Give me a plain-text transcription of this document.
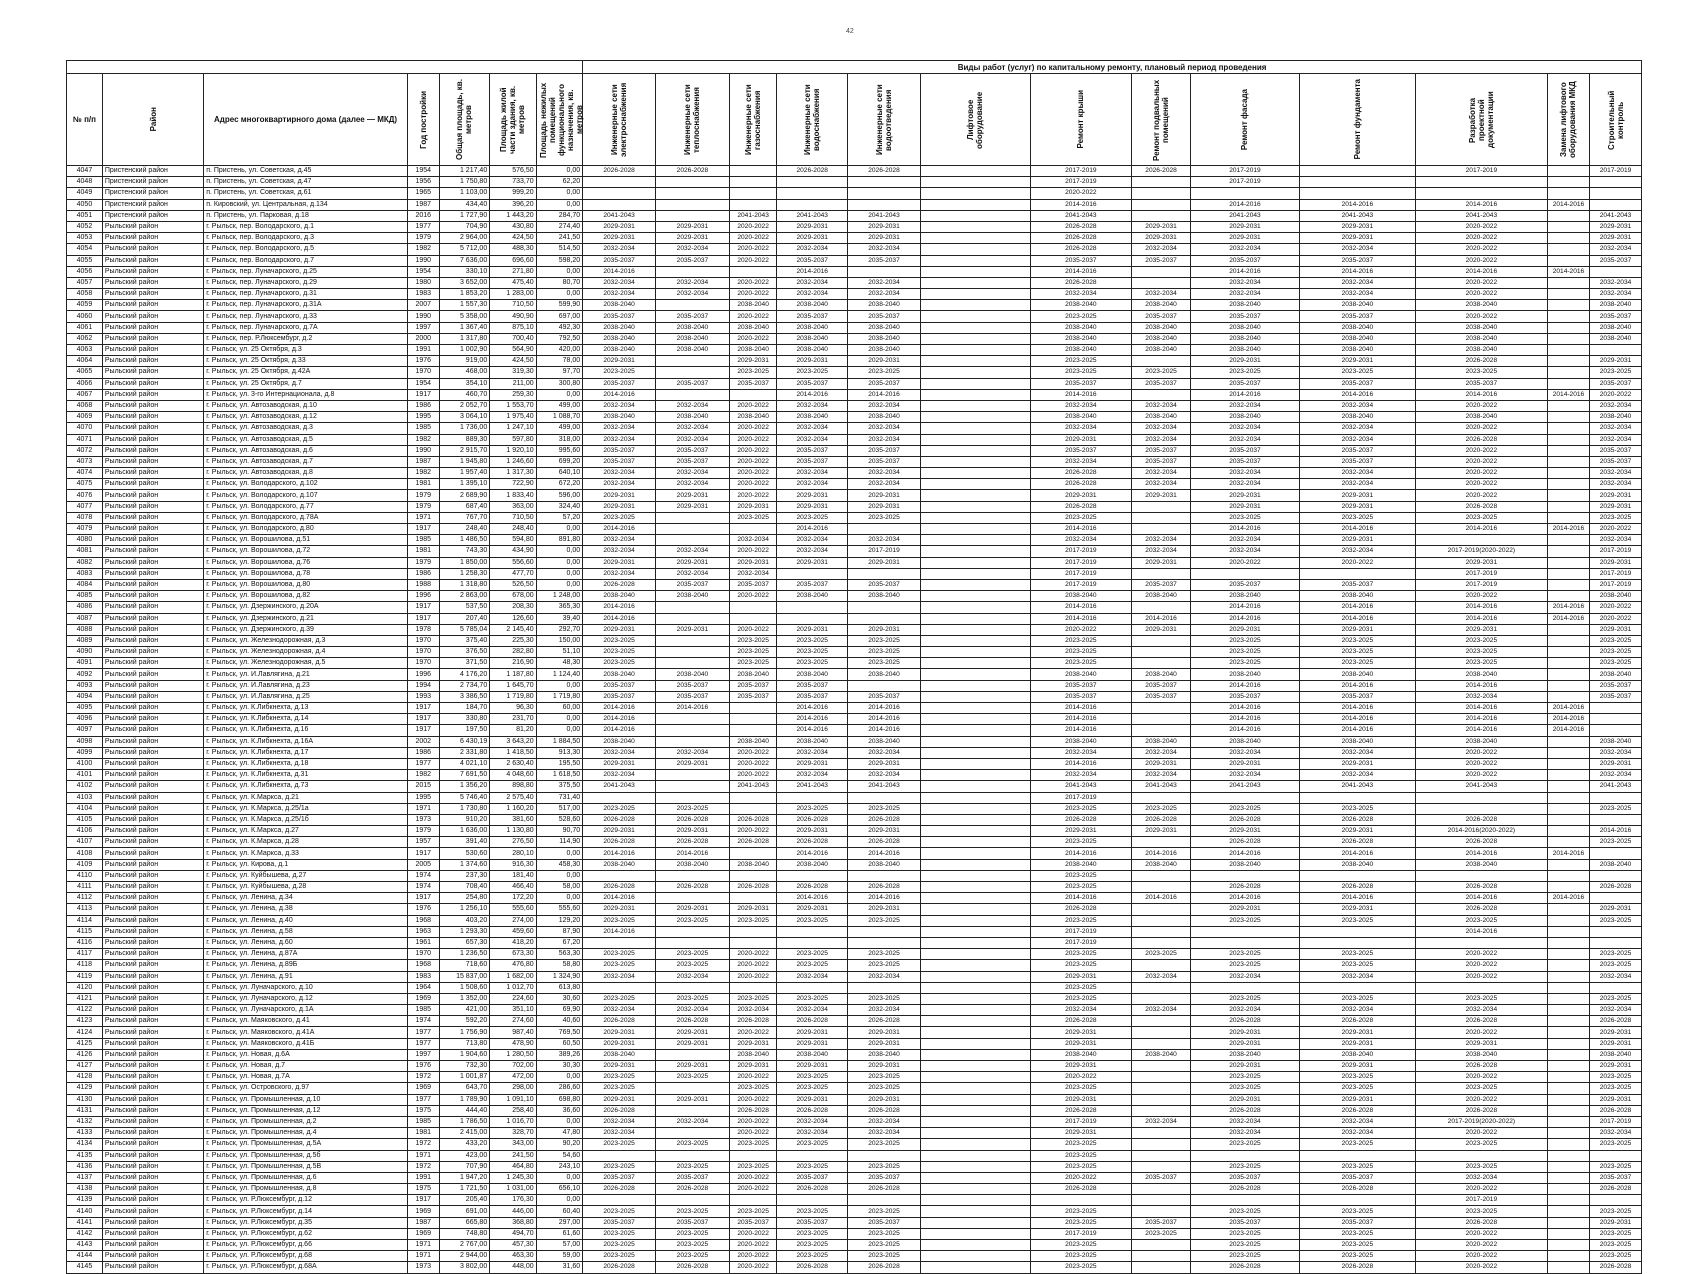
42
							Виды работ (услуг) по капитальному ремонту, плановый период проведения												
№ п/п	Район	Адрес многоквартирного дома (далее — МКД)	Год постройки	Общая площадь, кв. метров	Площадь жилой части здания, кв. метров	Площадь нежилых помещений функционального назначения, кв. метров	Инженерные сети электроснабжения	Инженерные сети теплоснабжения	Инженерные сети газоснабжения	Инженерные сети водоснабжения	Инженерные сети водоотведения	Лифтовое оборудование	Ремонт крыши	Ремонт подвальных помещений	Ремонт фасада	Ремонт фундамента	Разработка проектной документации	Замена лифтового оборудования МКД	Строительный контроль

4047	Пристенский район	п. Пристень, ул. Советская, д.45	1954	1 217,40	576,50	0,00	2026-2028	2026-2028		2026-2028	2026-2028		2017-2019	2026-2028	2017-2019		2017-2019		2017-2019
4048	Пристенский район	п. Пристень, ул. Советская, д.47	1956	1 750,80	733,70	62,20							2017-2019		2017-2019				
4049	Пристенский район	п. Пристень, ул. Советская, д.61	1965	1 103,00	999,20	0,00							2020-2022						
4050	Пристенский район	п. Кировский, ул. Центральная, д.134	1987	434,40	396,20	0,00							2014-2016		2014-2016	2014-2016	2014-2016	2014-2016	
4051	Пристенский район	п. Пристень, ул. Парковая, д.18	2016	1 727,90	1 443,20	284,70	2041-2043		2041-2043	2041-2043	2041-2043		2041-2043		2041-2043	2041-2043	2041-2043		2041-2043
4052	Рыльский район	г. Рыльск, пер. Володарского, д.1	1977	704,90	430,80	274,40	2029-2031	2029-2031	2020-2022	2029-2031	2029-2031		2026-2028	2029-2031	2029-2031	2029-2031	2020-2022		2029-2031
4053	Рыльский район	г. Рыльск, пер. Володарского, д.3	1979	2 964,00	424,50	241,50	2029-2031	2029-2031	2020-2022	2029-2031	2029-2031		2026-2028	2029-2031	2029-2031	2029-2031	2020-2022		2029-2031
4054	Рыльский район	г. Рыльск, пер. Володарского, д.5	1982	5 712,00	488,30	514,50	2032-2034	2032-2034	2020-2022	2032-2034	2032-2034		2026-2028	2032-2034	2032-2034	2032-2034	2020-2022		2032-2034
4055	Рыльский район	г. Рыльск, пер. Володарского, д.7	1990	7 636,00	696,60	598,20	2035-2037	2035-2037	2020-2022	2035-2037	2035-2037		2035-2037	2035-2037	2035-2037	2035-2037	2020-2022		2035-2037
4056	Рыльский район	г. Рыльск, пер. Луначарского, д.25	1954	330,10	271,80	0,00	2014-2016			2014-2016			2014-2016		2014-2016	2014-2016	2014-2016	2014-2016	
4057	Рыльский район	г. Рыльск, пер. Луначарского, д.29	1980	3 652,00	475,40	80,70	2032-2034	2032-2034	2020-2022	2032-2034	2032-2034		2026-2028		2032-2034	2032-2034	2020-2022		2032-2034
4058	Рыльский район	г. Рыльск, пер. Луначарского, д.31	1983	1 853,20	1 283,00	0,00	2032-2034	2032-2034	2020-2022	2032-2034	2032-2034		2032-2034	2032-2034	2032-2034	2032-2034	2020-2022		2032-2034
4059	Рыльский район	г. Рыльск, пер. Луначарского, д.31А	2007	1 557,30	710,50	599,90	2038-2040		2038-2040	2038-2040	2038-2040		2038-2040	2038-2040	2038-2040	2038-2040	2038-2040		2038-2040
4060	Рыльский район	г. Рыльск, пер. Луначарского, д.33	1990	5 358,00	490,90	697,00	2035-2037	2035-2037	2020-2022	2035-2037	2035-2037		2023-2025	2035-2037	2035-2037	2035-2037	2020-2022		2035-2037
4061	Рыльский район	г. Рыльск, пер. Луначарского, д.7А	1997	1 367,40	875,10	492,30	2038-2040	2038-2040	2038-2040	2038-2040	2038-2040		2038-2040	2038-2040	2038-2040	2038-2040	2038-2040		2038-2040
4062	Рыльский район	г. Рыльск, пер. Р.Люксембург, д.2	2000	1 317,80	700,40	792,50	2038-2040	2038-2040	2020-2022	2038-2040	2038-2040		2038-2040	2038-2040	2038-2040	2038-2040	2038-2040		2038-2040
4063	Рыльский район	г. Рыльск, ул. 25 Октября, д.3	1991	1 002,90	564,90	420,00	2038-2040	2038-2040	2038-2040	2038-2040	2038-2040		2038-2040	2038-2040	2038-2040	2038-2040	2038-2040		
4064	Рыльский район	г. Рыльск, ул. 25 Октября, д.33	1976	919,00	424,50	78,00	2029-2031		2029-2031	2029-2031	2029-2031		2023-2025		2029-2031	2029-2031	2026-2028		2029-2031
4065	Рыльский район	г. Рыльск, ул. 25 Октября, д.42А	1970	468,00	319,30	97,70	2023-2025		2023-2025	2023-2025	2023-2025		2023-2025	2023-2025	2023-2025	2023-2025	2023-2025		2023-2025
4066	Рыльский район	г. Рыльск, ул. 25 Октября, д.7	1954	354,10	211,00	300,80	2035-2037	2035-2037	2035-2037	2035-2037	2035-2037		2035-2037	2035-2037	2035-2037	2035-2037	2035-2037		2035-2037
4067	Рыльский район	г. Рыльск, ул. 3-го Интернационала, д.8	1917	460,70	259,30	0,00	2014-2016			2014-2016	2014-2016		2014-2016		2014-2016	2014-2016	2014-2016	2014-2016	2020-2022
4068	Рыльский район	г. Рыльск, ул. Автозаводская, д.10	1986	2 052,70	1 553,70	499,00	2032-2034	2032-2034	2020-2022	2032-2034	2032-2034		2032-2034	2032-2034	2032-2034	2032-2034	2020-2022		2032-2034
4069	Рыльский район	г. Рыльск, ул. Автозаводская, д.12	1995	3 064,10	1 975,40	1 088,70	2038-2040	2038-2040	2038-2040	2038-2040	2038-2040		2038-2040	2038-2040	2038-2040	2038-2040	2038-2040		2038-2040
4070	Рыльский район	г. Рыльск, ул. Автозаводская, д.3	1985	1 736,00	1 247,10	499,00	2032-2034	2032-2034	2020-2022	2032-2034	2032-2034		2032-2034	2032-2034	2032-2034	2032-2034	2020-2022		2032-2034
4071	Рыльский район	г. Рыльск, ул. Автозаводская, д.5	1982	889,30	597,80	318,00	2032-2034	2032-2034	2020-2022	2032-2034	2032-2034		2029-2031	2032-2034	2032-2034	2032-2034	2026-2028		2032-2034
4072	Рыльский район	г. Рыльск, ул. Автозаводская, д.6	1990	2 915,70	1 920,10	995,60	2035-2037	2035-2037	2020-2022	2035-2037	2035-2037		2035-2037	2035-2037	2035-2037	2035-2037	2020-2022		2035-2037
4073	Рыльский район	г. Рыльск, ул. Автозаводская, д.7	1987	1 945,80	1 246,60	699,20	2035-2037	2035-2037	2020-2022	2035-2037	2035-2037		2032-2034	2035-2037	2035-2037	2035-2037	2020-2022		2035-2037
4074	Рыльский район	г. Рыльск, ул. Автозаводская, д.8	1982	1 957,40	1 317,30	640,10	2032-2034	2032-2034	2020-2022	2032-2034	2032-2034		2026-2028	2032-2034	2032-2034	2032-2034	2020-2022		2032-2034
4075	Рыльский район	г. Рыльск, ул. Володарского, д.102	1981	1 395,10	722,90	672,20	2032-2034	2032-2034	2020-2022	2032-2034	2032-2034		2026-2028	2032-2034	2032-2034	2032-2034	2020-2022		2032-2034
4076	Рыльский район	г. Рыльск, ул. Володарского, д.107	1979	2 689,90	1 833,40	596,00	2029-2031	2029-2031	2020-2022	2029-2031	2029-2031		2029-2031	2029-2031	2029-2031	2029-2031	2020-2022		2029-2031
4077	Рыльский район	г. Рыльск, ул. Володарского, д.77	1979	687,40	363,00	324,40	2029-2031	2029-2031	2029-2031	2029-2031	2029-2031		2026-2028		2029-2031	2029-2031	2026-2028		2029-2031
4078	Рыльский район	г. Рыльск, ул. Володарского, д.78А	1971	767,70	710,50	57,20	2023-2025		2023-2025	2023-2025	2023-2025		2023-2025		2023-2025	2023-2025	2023-2025		2023-2025
4079	Рыльский район	г. Рыльск, ул. Володарского, д.80	1917	248,40	248,40	0,00	2014-2016			2014-2016			2014-2016		2014-2016	2014-2016	2014-2016	2014-2016	2020-2022
4080	Рыльский район	г. Рыльск, ул. Ворошилова, д.51	1985	1 486,50	594,80	891,80	2032-2034		2032-2034	2032-2034	2032-2034		2032-2034	2032-2034	2032-2034	2029-2031			2032-2034
4081	Рыльский район	г. Рыльск, ул. Ворошилова, д.72	1981	743,30	434,90	0,00	2032-2034	2032-2034	2020-2022	2032-2034	2017-2019		2017-2019	2032-2034	2032-2034	2032-2034	2017-2019(2020-2022)		2017-2019
4082	Рыльский район	г. Рыльск, ул. Ворошилова, д.76	1979	1 850,00	556,60	0,00	2029-2031	2029-2031	2029-2031	2029-2031	2029-2031		2017-2019	2029-2031	2020-2022	2020-2022	2029-2031		2029-2031
4083	Рыльский район	г. Рыльск, ул. Ворошилова, д.78	1986	1 258,30	477,70	0,00	2032-2034	2032-2034	2032-2034				2017-2019				2017-2019		2017-2019
4084	Рыльский район	г. Рыльск, ул. Ворошилова, д.80	1988	1 318,80	526,50	0,00	2026-2028	2035-2037	2035-2037	2035-2037	2035-2037		2017-2019	2035-2037	2035-2037	2035-2037	2017-2019		2017-2019
4085	Рыльский район	г. Рыльск, ул. Ворошилова, д.82	1996	2 863,00	678,00	1 248,00	2038-2040	2038-2040	2020-2022	2038-2040	2038-2040		2038-2040	2038-2040	2038-2040	2038-2040	2020-2022		2038-2040
4086	Рыльский район	г. Рыльск, ул. Дзержинского, д.20А	1917	537,50	208,30	365,30	2014-2016						2014-2016		2014-2016	2014-2016	2014-2016	2014-2016	2020-2022
4087	Рыльский район	г. Рыльск, ул. Дзержинского, д.21	1917	207,40	126,60	39,40	2014-2016						2014-2016	2014-2016	2014-2016	2014-2016	2014-2016	2014-2016	2020-2022
4088	Рыльский район	г. Рыльск, ул. Дзержинского, д.39	1978	5 785,04	2 145,40	292,70	2029-2031	2029-2031	2020-2022	2029-2031	2029-2031		2020-2022	2029-2031	2029-2031	2029-2031	2029-2031		2029-2031
4089	Рыльский район	г. Рыльск, ул. Железнодорожная, д.3	1970	375,40	225,30	150,00	2023-2025		2023-2025	2023-2025	2023-2025		2023-2025		2023-2025	2023-2025	2023-2025		2023-2025
4090	Рыльский район	г. Рыльск, ул. Железнодорожная, д.4	1970	376,50	282,80	51,10	2023-2025		2023-2025	2023-2025	2023-2025		2023-2025		2023-2025	2023-2025	2023-2025		2023-2025
4091	Рыльский район	г. Рыльск, ул. Железнодорожная, д.5	1970	371,50	216,90	48,30	2023-2025		2023-2025	2023-2025	2023-2025		2023-2025		2023-2025	2023-2025	2023-2025		2023-2025
4092	Рыльский район	г. Рыльск, ул. И.Лавлягина, д.21	1996	4 176,20	1 187,80	1 124,40	2038-2040	2038-2040	2038-2040	2038-2040	2038-2040		2038-2040	2038-2040	2038-2040	2038-2040	2038-2040		2038-2040
4093	Рыльский район	г. Рыльск, ул. И.Лавлягина, д.23	1994	2 734,70	1 645,70	0,00	2035-2037	2035-2037	2035-2037	2035-2037			2035-2037	2035-2037	2014-2016	2014-2016	2014-2016		2035-2037
4094	Рыльский район	г. Рыльск, ул. И.Лавлягина, д.25	1993	3 386,50	1 719,80	1 719,80	2035-2037	2035-2037	2035-2037	2035-2037	2035-2037		2035-2037	2035-2037	2035-2037	2035-2037	2032-2034		2035-2037
4095	Рыльский район	г. Рыльск, ул. К.Либкнехта, д.13	1917	184,70	96,30	60,00	2014-2016	2014-2016		2014-2016	2014-2016		2014-2016		2014-2016	2014-2016	2014-2016	2014-2016	
4096	Рыльский район	г. Рыльск, ул. К.Либкнехта, д.14	1917	330,80	231,70	0,00	2014-2016			2014-2016	2014-2016		2014-2016		2014-2016	2014-2016	2014-2016	2014-2016	
4097	Рыльский район	г. Рыльск, ул. К.Либкнехта, д.16	1917	197,50	81,20	0,00	2014-2016			2014-2016	2014-2016		2014-2016		2014-2016	2014-2016	2014-2016	2014-2016	
4098	Рыльский район	г. Рыльск, ул. К.Либкнехта, д.16А	2002	6 430,19	3 643,20	1 884,50	2038-2040		2038-2040	2038-2040	2038-2040		2038-2040	2038-2040	2038-2040	2038-2040	2038-2040		2038-2040
4099	Рыльский район	г. Рыльск, ул. К.Либкнехта, д.17	1986	2 331,80	1 418,50	913,30	2032-2034	2032-2034	2020-2022	2032-2034	2032-2034		2032-2034	2032-2034	2032-2034	2032-2034	2020-2022		2032-2034
4100	Рыльский район	г. Рыльск, ул. К.Либкнехта, д.18	1977	4 021,10	2 630,40	195,50	2029-2031	2029-2031	2020-2022	2029-2031	2029-2031		2014-2016	2029-2031	2029-2031	2029-2031	2020-2022		2029-2031
4101	Рыльский район	г. Рыльск, ул. К.Либкнехта, д.31	1982	7 691,50	4 048,60	1 618,50	2032-2034		2020-2022	2032-2034	2032-2034		2032-2034	2032-2034	2032-2034	2032-2034	2020-2022		2032-2034
4102	Рыльский район	г. Рыльск, ул. К.Либкнехта, д.73	2015	1 356,20	898,80	375,50	2041-2043		2041-2043	2041-2043	2041-2043		2041-2043	2041-2043	2041-2043	2041-2043	2041-2043		2041-2043
4103	Рыльский район	г. Рыльск, ул. К.Маркса, д.21	1995	5 746,40	2 575,40	731,40							2017-2019						
4104	Рыльский район	г. Рыльск, ул. К.Маркса, д.25/1а	1971	1 730,80	1 160,20	517,00	2023-2025	2023-2025		2023-2025	2023-2025		2023-2025	2023-2025	2023-2025	2023-2025			2023-2025
4105	Рыльский район	г. Рыльск, ул. К.Маркса, д.25/1б	1973	910,20	381,60	528,60	2026-2028	2026-2028	2026-2028	2026-2028	2026-2028		2026-2028	2026-2028	2026-2028	2026-2028	2026-2028		
4106	Рыльский район	г. Рыльск, ул. К.Маркса, д.27	1979	1 636,00	1 130,80	90,70	2029-2031	2029-2031	2020-2022	2029-2031	2029-2031		2029-2031	2029-2031	2029-2031	2029-2031	2014-2016(2020-2022)		2014-2016
4107	Рыльский район	г. Рыльск, ул. К.Маркса, д.28	1957	391,40	276,50	114,90	2026-2028	2026-2028	2026-2028	2026-2028	2026-2028		2023-2025		2026-2028	2026-2028	2026-2028		2023-2025
4108	Рыльский район	г. Рыльск, ул. К.Маркса, д.33	1917	530,60	280,10	0,00	2014-2016	2014-2016		2014-2016	2014-2016		2014-2016	2014-2016	2014-2016	2014-2016	2014-2016	2014-2016	
4109	Рыльский район	г. Рыльск, ул. Кирова, д.1	2005	1 374,60	916,30	458,30	2038-2040	2038-2040	2038-2040	2038-2040	2038-2040		2038-2040	2038-2040	2038-2040	2038-2040	2038-2040		2038-2040
4110	Рыльский район	г. Рыльск, ул. Куйбышева, д.27	1974	237,30	181,40	0,00							2023-2025						
4111	Рыльский район	г. Рыльск, ул. Куйбышева, д.28	1974	708,40	466,40	58,00	2026-2028	2026-2028	2026-2028	2026-2028	2026-2028		2023-2025		2026-2028	2026-2028	2026-2028		2026-2028
4112	Рыльский район	г. Рыльск, ул. Ленина, д.34	1917	254,80	172,20	0,00	2014-2016			2014-2016	2014-2016		2014-2016	2014-2016	2014-2016	2014-2016	2014-2016	2014-2016	
4113	Рыльский район	г. Рыльск, ул. Ленина, д.38	1976	1 256,10	555,60	555,60	2029-2031	2029-2031	2029-2031	2029-2031	2029-2031		2026-2028		2029-2031	2029-2031	2026-2028		2029-2031
4114	Рыльский район	г. Рыльск, ул. Ленина, д.40	1968	403,20	274,00	129,20	2023-2025	2023-2025	2023-2025	2023-2025	2023-2025		2023-2025		2023-2025	2023-2025	2023-2025		2023-2025
4115	Рыльский район	г. Рыльск, ул. Ленина, д.58	1963	1 293,30	459,60	87,90	2014-2016						2017-2019				2014-2016		
4116	Рыльский район	г. Рыльск, ул. Ленина, д.60	1961	657,30	418,20	67,20							2017-2019						
4117	Рыльский район	г. Рыльск, ул. Ленина, д.87А	1970	1 236,50	673,30	563,30	2023-2025	2023-2025	2020-2022	2023-2025	2023-2025		2023-2025	2023-2025	2023-2025	2023-2025	2020-2022		2023-2025
4118	Рыльский район	г. Рыльск, ул. Ленина, д.89Б	1968	718,60	476,80	58,80	2023-2025	2023-2025	2020-2022	2023-2025	2023-2025		2023-2025		2023-2025	2023-2025	2020-2022		2023-2025
4119	Рыльский район	г. Рыльск, ул. Ленина, д.91	1983	15 837,00	1 682,00	1 324,90	2032-2034	2032-2034	2020-2022	2032-2034	2032-2034		2029-2031	2032-2034	2032-2034	2032-2034	2020-2022		2032-2034
4120	Рыльский район	г. Рыльск, ул. Луначарского, д.10	1964	1 508,60	1 012,70	613,80							2023-2025						
4121	Рыльский район	г. Рыльск, ул. Луначарского, д.12	1969	1 352,00	224,60	30,60	2023-2025	2023-2025	2023-2025	2023-2025	2023-2025		2023-2025		2023-2025	2023-2025	2023-2025		2023-2025
4122	Рыльский район	г. Рыльск, ул. Луначарского, д.1А	1985	421,00	351,10	69,90	2032-2034	2032-2034	2032-2034	2032-2034	2032-2034		2032-2034	2032-2034	2032-2034	2032-2034	2032-2034		2032-2034
4123	Рыльский район	г. Рыльск, ул. Маяковского, д.41	1974	592,20	274,60	40,60	2026-2028	2026-2028	2026-2028	2026-2028	2026-2028		2026-2028		2026-2028	2026-2028	2026-2028		2026-2028
4124	Рыльский район	г. Рыльск, ул. Маяковского, д.41А	1977	1 756,90	987,40	769,50	2029-2031	2029-2031	2020-2022	2029-2031	2029-2031		2029-2031		2029-2031	2029-2031	2020-2022		2029-2031
4125	Рыльский район	г. Рыльск, ул. Маяковского, д.41Б	1977	713,80	478,90	60,50	2029-2031	2029-2031	2029-2031	2029-2031	2029-2031		2029-2031		2029-2031	2029-2031	2029-2031		2029-2031
4126	Рыльский район	г. Рыльск, ул. Новая, д.6А	1997	1 904,60	1 280,50	389,26	2038-2040		2038-2040	2038-2040	2038-2040		2038-2040	2038-2040	2038-2040	2038-2040	2038-2040		2038-2040
4127	Рыльский район	г. Рыльск, ул. Новая, д.7	1976	732,30	702,00	30,30	2029-2031	2029-2031	2029-2031	2029-2031	2029-2031		2029-2031		2029-2031	2029-2031	2026-2028		2029-2031
4128	Рыльский район	г. Рыльск, ул. Новая, д.7А	1972	1 001,87	472,00	0,00	2023-2025	2023-2025	2020-2022	2023-2025	2023-2025		2020-2022		2023-2025	2023-2025	2020-2022		2023-2025
4129	Рыльский район	г. Рыльск, ул. Островского, д.97	1969	643,70	298,00	286,60	2023-2025		2023-2025	2023-2025	2023-2025		2023-2025		2023-2025	2023-2025	2023-2025		2023-2025
4130	Рыльский район	г. Рыльск, ул. Промышленная, д.10	1977	1 789,90	1 091,10	698,80	2029-2031	2029-2031	2020-2022	2029-2031	2029-2031		2029-2031		2029-2031	2029-2031	2020-2022		2029-2031
4131	Рыльский район	г. Рыльск, ул. Промышленная, д.12	1975	444,40	258,40	36,60	2026-2028		2026-2028	2026-2028	2026-2028		2026-2028		2026-2028	2026-2028	2026-2028		2026-2028
4132	Рыльский район	г. Рыльск, ул. Промышленная, д.2	1985	1 786,50	1 016,70	0,00	2032-2034	2032-2034	2020-2022	2032-2034	2032-2034		2017-2019	2032-2034	2032-2034	2032-2034	2017-2019(2020-2022)		2017-2019
4133	Рыльский район	г. Рыльск, ул. Промышленная, д.4	1981	2 415,00	328,70	47,80	2032-2034		2020-2022	2032-2034	2032-2034		2029-2031		2032-2034	2032-2034	2020-2022		2032-2034
4134	Рыльский район	г. Рыльск, ул. Промышленная, д.5А	1972	433,20	343,00	90,20	2023-2025	2023-2025	2023-2025	2023-2025	2023-2025		2023-2025		2023-2025	2023-2025	2023-2025		2023-2025
4135	Рыльский район	г. Рыльск, ул. Промышленная, д.5б	1971	423,00	241,50	54,60							2023-2025						
4136	Рыльский район	г. Рыльск, ул. Промышленная, д.5В	1972	707,90	464,80	243,10	2023-2025	2023-2025	2023-2025	2023-2025	2023-2025		2023-2025		2023-2025	2023-2025	2023-2025		2023-2025
4137	Рыльский район	г. Рыльск, ул. Промышленная, д.6	1991	1 947,20	1 245,30	0,00	2035-2037	2035-2037	2020-2022	2035-2037	2035-2037		2020-2022	2035-2037	2035-2037	2035-2037	2032-2034		2035-2037
4138	Рыльский район	г. Рыльск, ул. Промышленная, д.8	1975	1 721,50	1 031,00	656,10	2026-2028	2026-2028	2020-2022	2026-2028	2026-2028		2026-2028		2026-2028	2026-2028	2020-2022		2026-2028
4139	Рыльский район	г. Рыльск, ул. Р.Люксембург, д.12	1917	205,40	176,30	0,00											2017-2019		
4140	Рыльский район	г. Рыльск, ул. Р.Люксембург, д.14	1969	691,00	446,00	60,40	2023-2025	2023-2025	2023-2025	2023-2025	2023-2025		2023-2025		2023-2025	2023-2025	2023-2025		2023-2025
4141	Рыльский район	г. Рыльск, ул. Р.Люксембург, д.35	1987	665,80	368,80	297,00	2035-2037	2035-2037	2035-2037	2035-2037	2035-2037		2023-2025	2035-2037	2035-2037	2035-2037	2026-2028		2029-2031
4142	Рыльский район	г. Рыльск, ул. Р.Люксембург, д.62	1969	748,80	494,70	61,60	2023-2025	2023-2025	2020-2022	2023-2025	2023-2025		2017-2019	2023-2025	2023-2025	2023-2025	2020-2022		2023-2025
4143	Рыльский район	г. Рыльск, ул. Р.Люксембург, д.66	1971	2 767,00	457,30	57,00	2023-2025	2023-2025	2020-2022	2023-2025	2023-2025		2023-2025		2023-2025	2023-2025	2020-2022		2023-2025
4144	Рыльский район	г. Рыльск, ул. Р.Люксембург, д.68	1971	2 944,00	463,30	59,00	2023-2025	2023-2025	2020-2022	2023-2025	2023-2025		2023-2025		2023-2025	2023-2025	2020-2022		2023-2025
4145	Рыльский район	г. Рыльск, ул. Р.Люксембург, д.68А	1973	3 802,00	448,00	31,60	2026-2028	2026-2028	2020-2022	2026-2028	2026-2028		2023-2025		2026-2028	2026-2028	2020-2022		2026-2028
